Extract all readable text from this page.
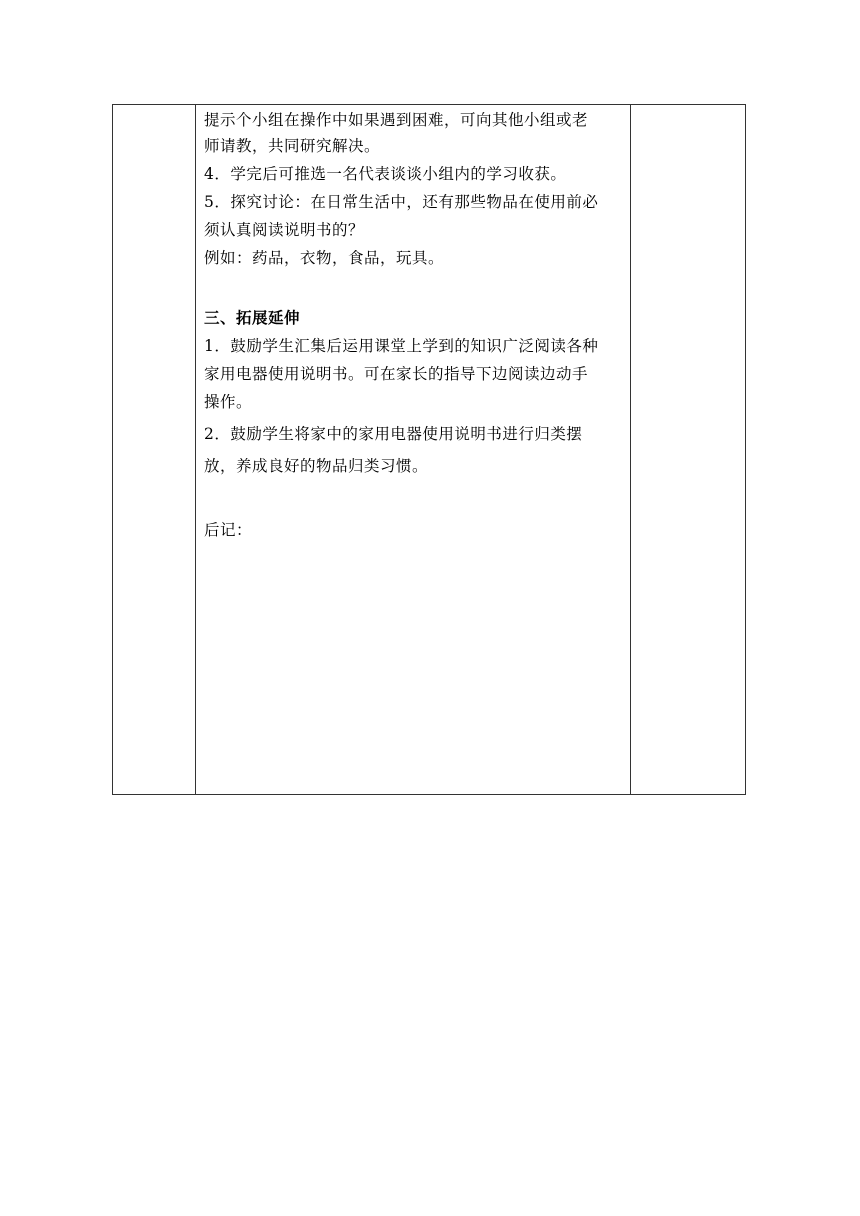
提示个小组在操作中如果遇到困难，可向其他小组或老
师请教，共同研究解决。
4．学完后可推选一名代表谈谈小组内的学习收获。
5．探究讨论：在日常生活中，还有那些物品在使用前必
须认真阅读说明书的？
例如：药品，衣物，食品，玩具。
三、拓展延伸
1．鼓励学生汇集后运用课堂上学到的知识广泛阅读各种
家用电器使用说明书。可在家长的指导下边阅读边动手
操作。
2．鼓励学生将家中的家用电器使用说明书进行归类摆
放，养成良好的物品归类习惯。
后记：
